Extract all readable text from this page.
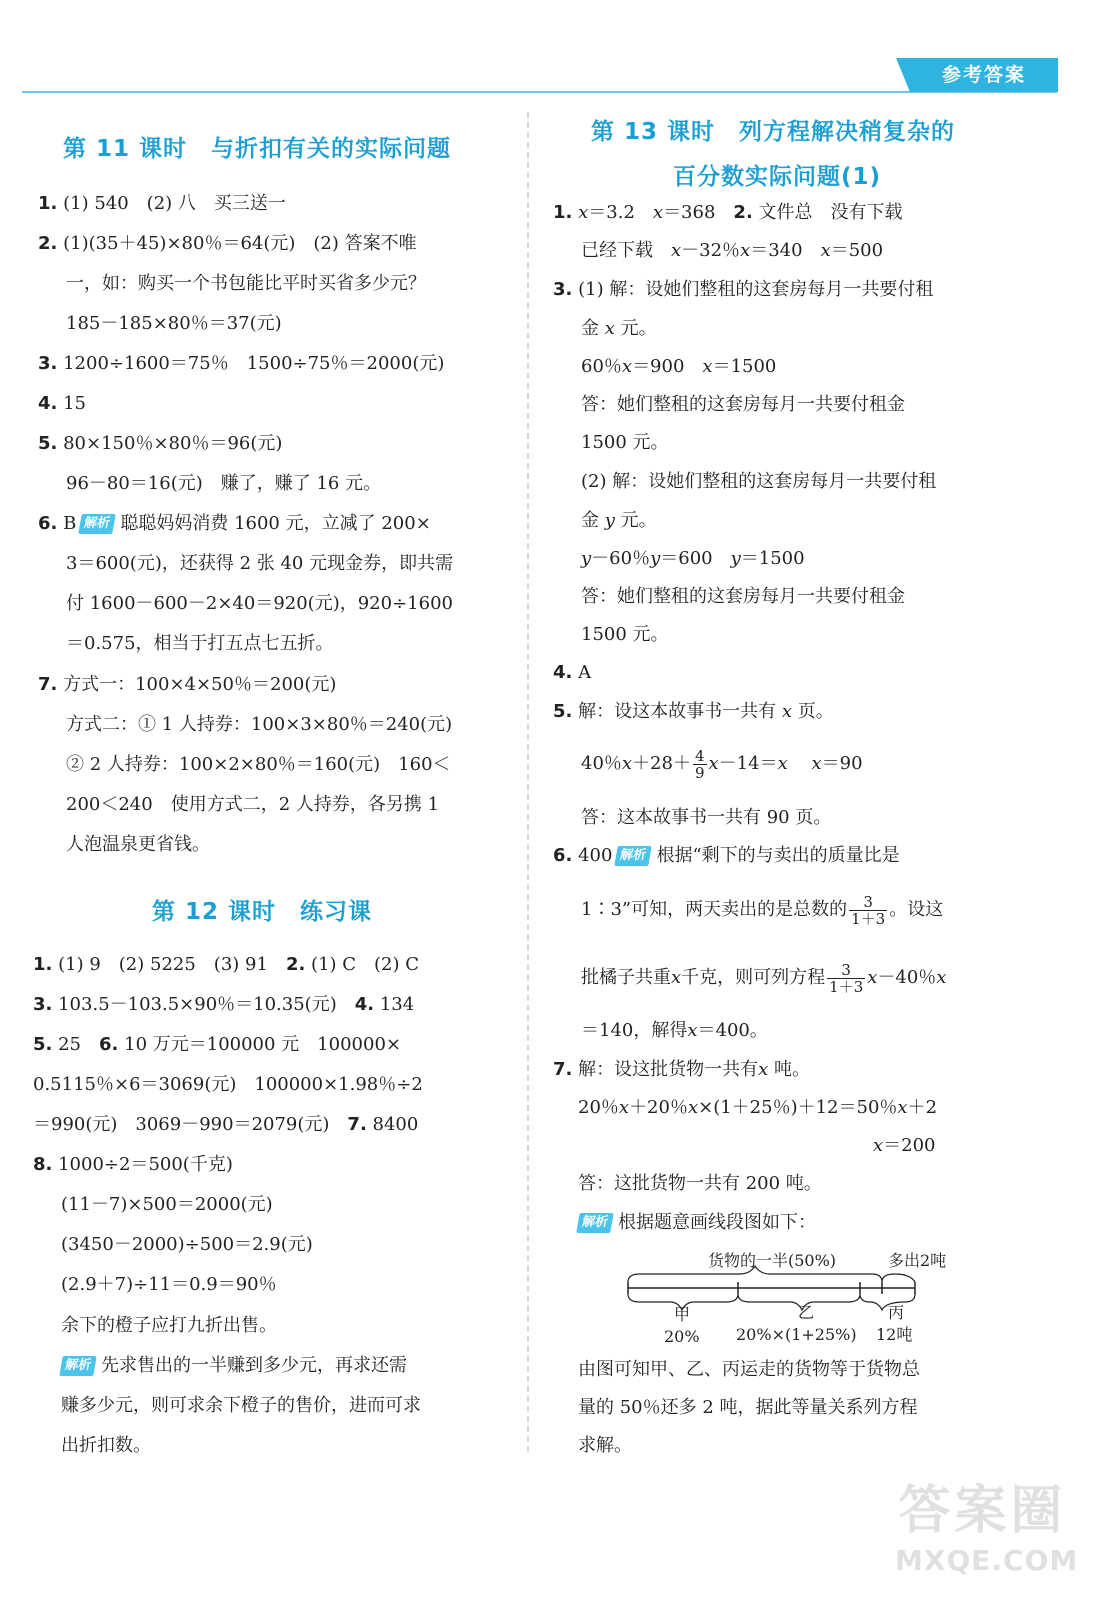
参考答案
第 11 课时　与折扣有关的实际问题
1. (1) 540　(2) 八　买三送一
2. (1)(35＋45)×80％＝64(元)　(2) 答案不唯
一，如：购买一个书包能比平时买省多少元？
185－185×80％＝37(元)
3. 1200÷1600＝75％　1500÷75％＝2000(元)
4. 15
5. 80×150％×80％＝96(元)
96－80＝16(元)　赚了，赚了 16 元。
6. B 解析 聪聪妈妈消费 1600 元，立减了 200×
3＝600(元)，还获得 2 张 40 元现金券，即共需
付 1600－600－2×40＝920(元)，920÷1600
＝0.575，相当于打五点七五折。
7. 方式一：100×4×50％＝200(元)
方式二：① 1 人持券：100×3×80％＝240(元)
② 2 人持券：100×2×80％＝160(元)　160＜
200＜240　使用方式二，2 人持券，各另携 1
人泡温泉更省钱。
第 12 课时　练习课
1. (1) 9　(2) 5225　(3) 91　 2. (1) C　(2) C
3. 103.5－103.5×90％＝10.35(元)　 4. 134
5. 25　 6. 10 万元＝100000 元　100000×
0.5115％×6＝3069(元)　100000×1.98％÷2
＝990(元)　3069－990＝2079(元)　 7. 8400
8. 1000÷2＝500(千克)
(11－7)×500＝2000(元)
(3450－2000)÷500＝2.9(元)
(2.9＋7)÷11＝0.9＝90％
余下的橙子应打九折出售。
解析 先求售出的一半赚到多少元，再求还需
赚多少元，则可求余下橙子的售价，进而可求
出折扣数。
第 13 课时　列方程解决稍复杂的
百分数实际问题(1)
1. x＝3.2　x＝368　2. 文件总　没有下载
已经下载　 x－32％x＝340　x＝500
3. (1) 解：设她们整租的这套房每月一共要付租
金 x 元。
60％x＝900　x＝1500
答：她们整租的这套房每月一共要付租金
1500 元。
(2) 解：设她们整租的这套房每月一共要付租
金 y 元。
y－60％y＝600　y＝1500
答：她们整租的这套房每月一共要付租金
1500 元。
4. A
5. 解：设这本故事书一共有 x 页。
40％$x+28+ \frac{4}{9} x-14=x$　 x＝90
答：这本故事书一共有 90 页。
6. 400 解析 根据“剩下的与卖出的质量比是
1∶3”可知，两天卖出的是总数的 $\frac{3}{1+3}$ 。设这
批橘子共重x千克，则可列方程 $\frac{3}{1+3} x-40$％x
＝140，解得x＝400。
7. 解：设这批货物一共有x 吨。
20％x＋20％x×(1＋25％)＋12＝50％x＋2
x＝200
答：这批货物一共有 200 吨。
解析 根据题意画线段图如下：
货物的一半(50%)	多出2吨
甲	乙	丙
20% 20%×(1+25%) 12吨
由图可知甲、乙、丙运走的货物等于货物总
量的 50％还多 2 吨，据此等量关系列方程
求解。
答案圈
MXQE.COM
